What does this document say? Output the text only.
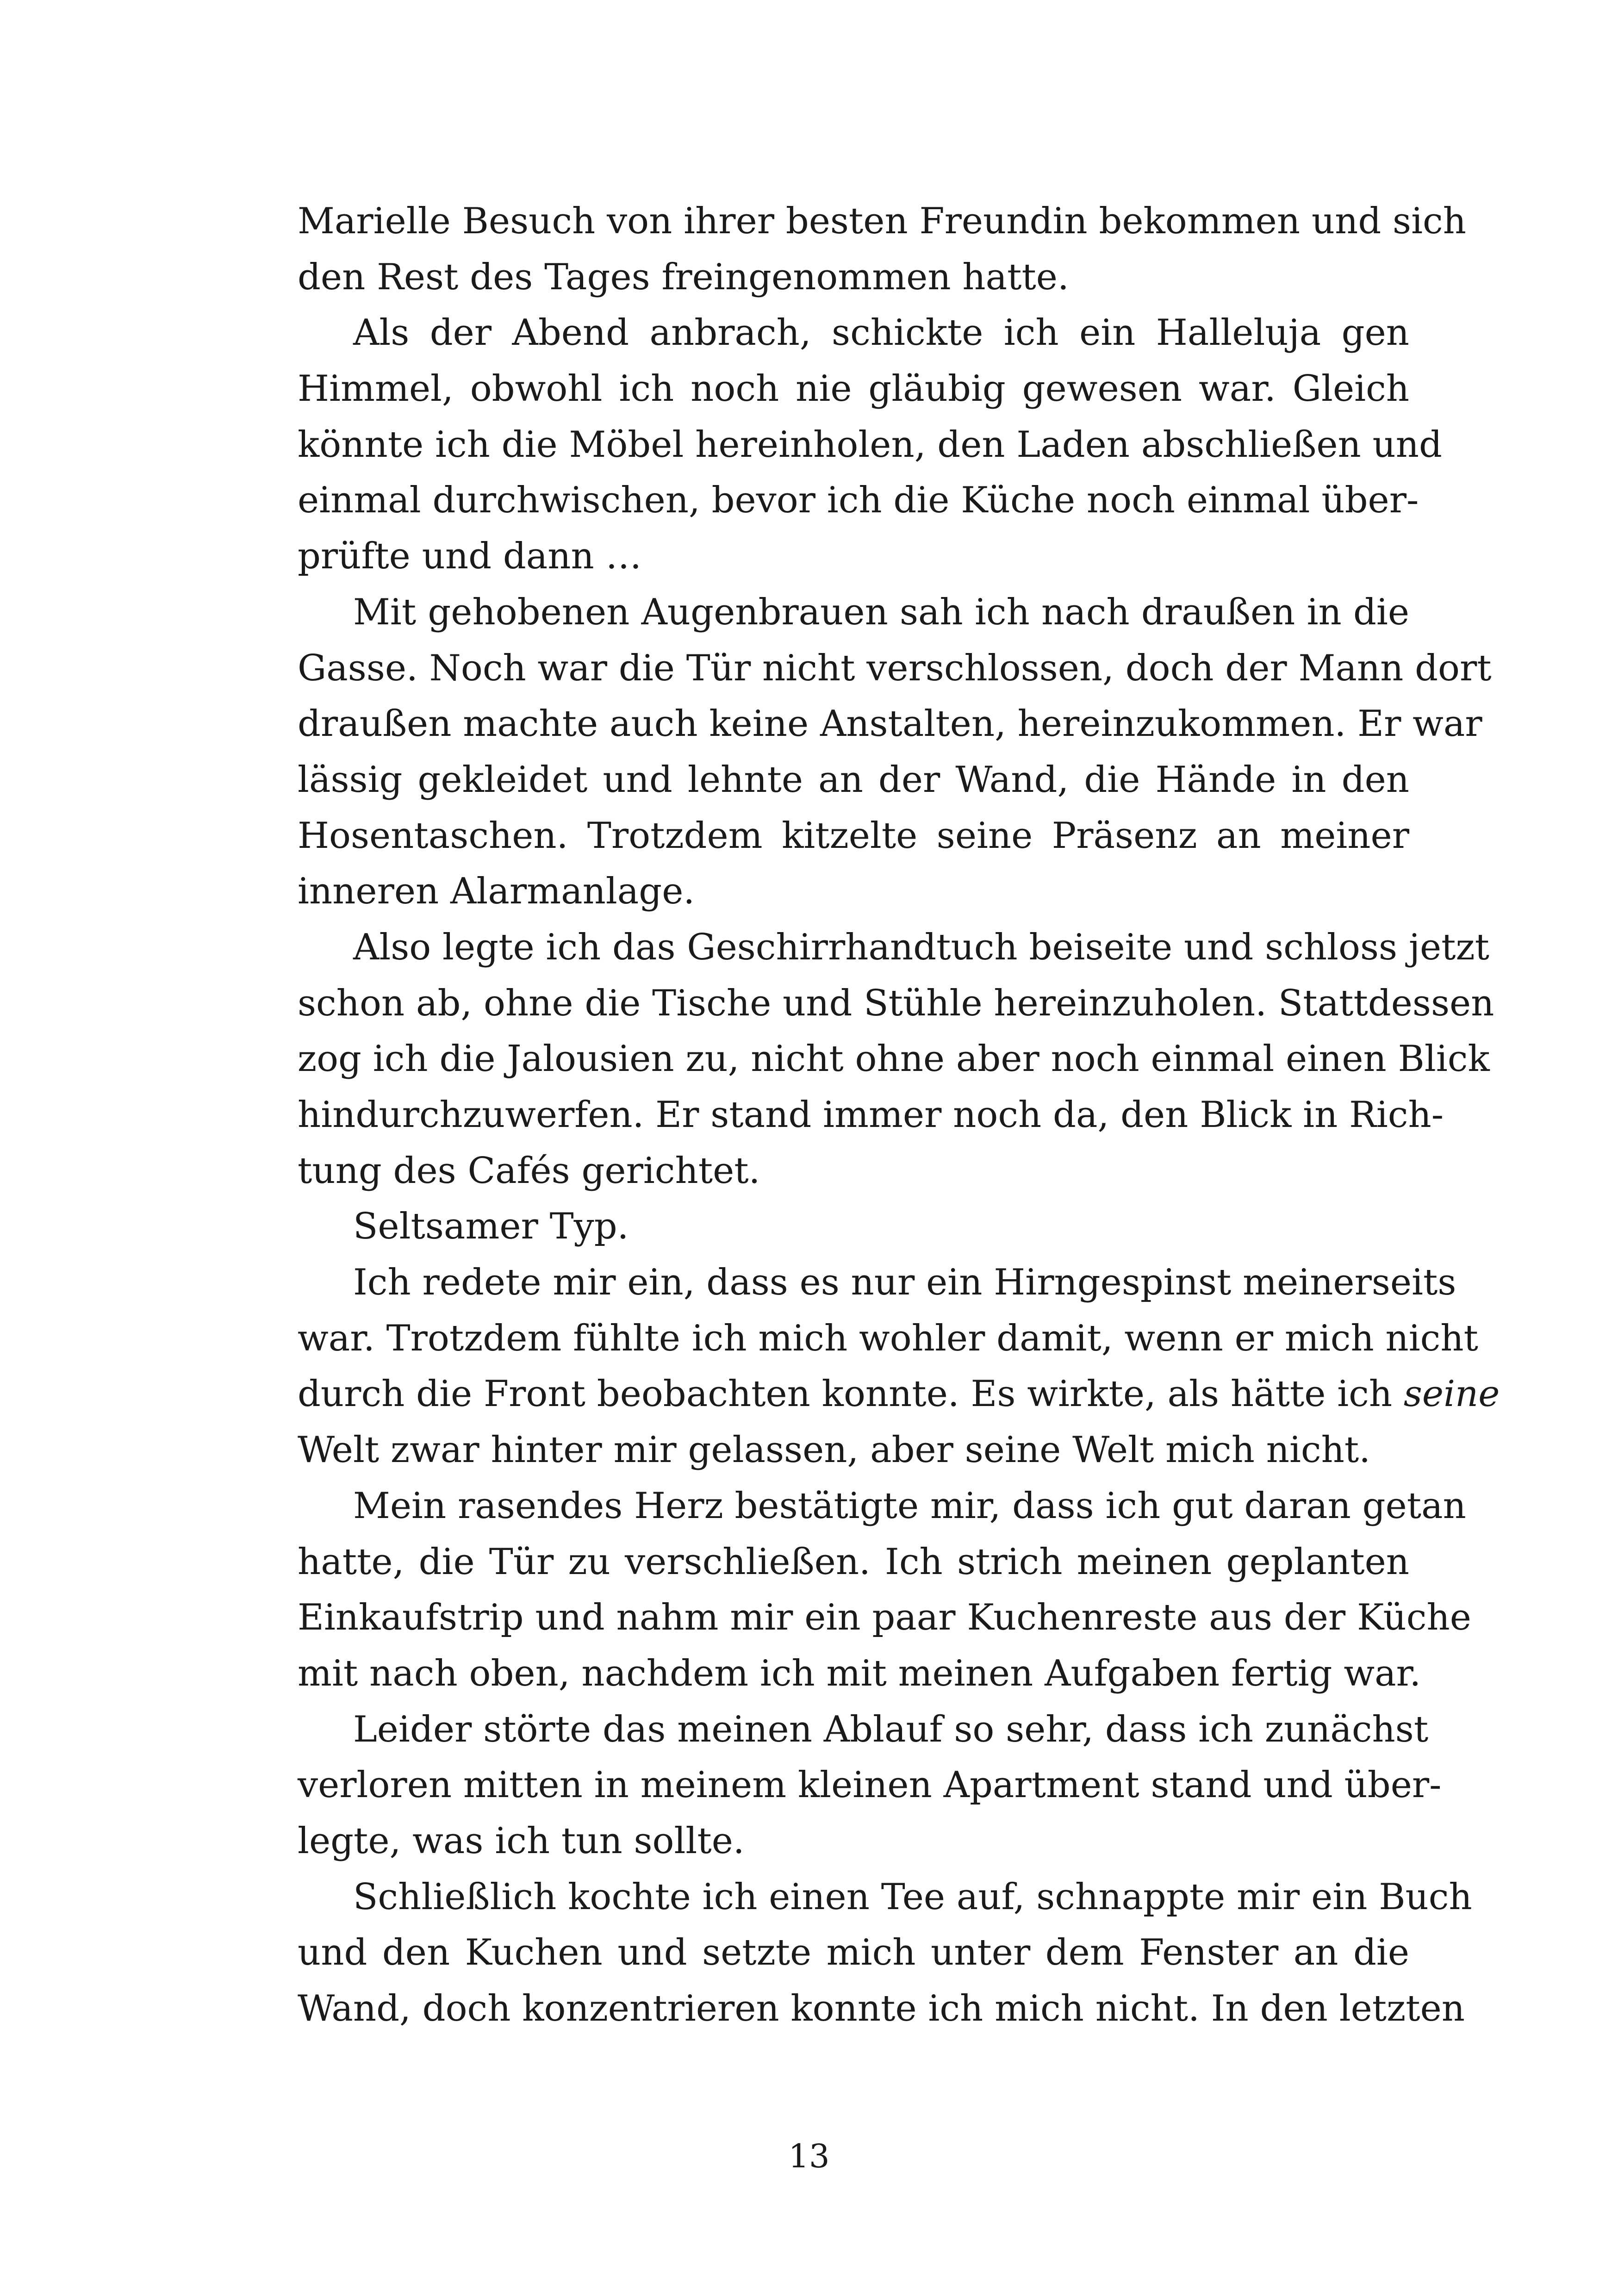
Marielle Besuch von ihrer besten Freundin bekommen und sich
den Rest des Tages freingenommen hatte.
Als der Abend anbrach, schickte ich ein Halleluja gen
Himmel, obwohl ich noch nie gläubig gewesen war. Gleich
könnte ich die Möbel hereinholen, den Laden abschließen und
einmal durchwischen, bevor ich die Küche noch einmal über-
prüfte und dann …
Mit gehobenen Augenbrauen sah ich nach draußen in die
Gasse. Noch war die Tür nicht verschlossen, doch der Mann dort
draußen machte auch keine Anstalten, hereinzukommen. Er war
lässig gekleidet und lehnte an der Wand, die Hände in den
Hosentaschen. Trotzdem kitzelte seine Präsenz an meiner
inneren Alarmanlage.
Also legte ich das Geschirrhandtuch beiseite und schloss jetzt
schon ab, ohne die Tische und Stühle hereinzuholen. Stattdessen
zog ich die Jalousien zu, nicht ohne aber noch einmal einen Blick
hindurchzuwerfen. Er stand immer noch da, den Blick in Rich-
tung des Cafés gerichtet.
Seltsamer Typ.
Ich redete mir ein, dass es nur ein Hirngespinst meinerseits
war. Trotzdem fühlte ich mich wohler damit, wenn er mich nicht
durch die Front beobachten konnte. Es wirkte, als hätte ich seine
Welt zwar hinter mir gelassen, aber seine Welt mich nicht.
Mein rasendes Herz bestätigte mir, dass ich gut daran getan
hatte, die Tür zu verschließen. Ich strich meinen geplanten
Einkaufstrip und nahm mir ein paar Kuchenreste aus der Küche
mit nach oben, nachdem ich mit meinen Aufgaben fertig war.
Leider störte das meinen Ablauf so sehr, dass ich zunächst
verloren mitten in meinem kleinen Apartment stand und über-
legte, was ich tun sollte.
Schließlich kochte ich einen Tee auf, schnappte mir ein Buch
und den Kuchen und setzte mich unter dem Fenster an die
Wand, doch konzentrieren konnte ich mich nicht. In den letzten
13
